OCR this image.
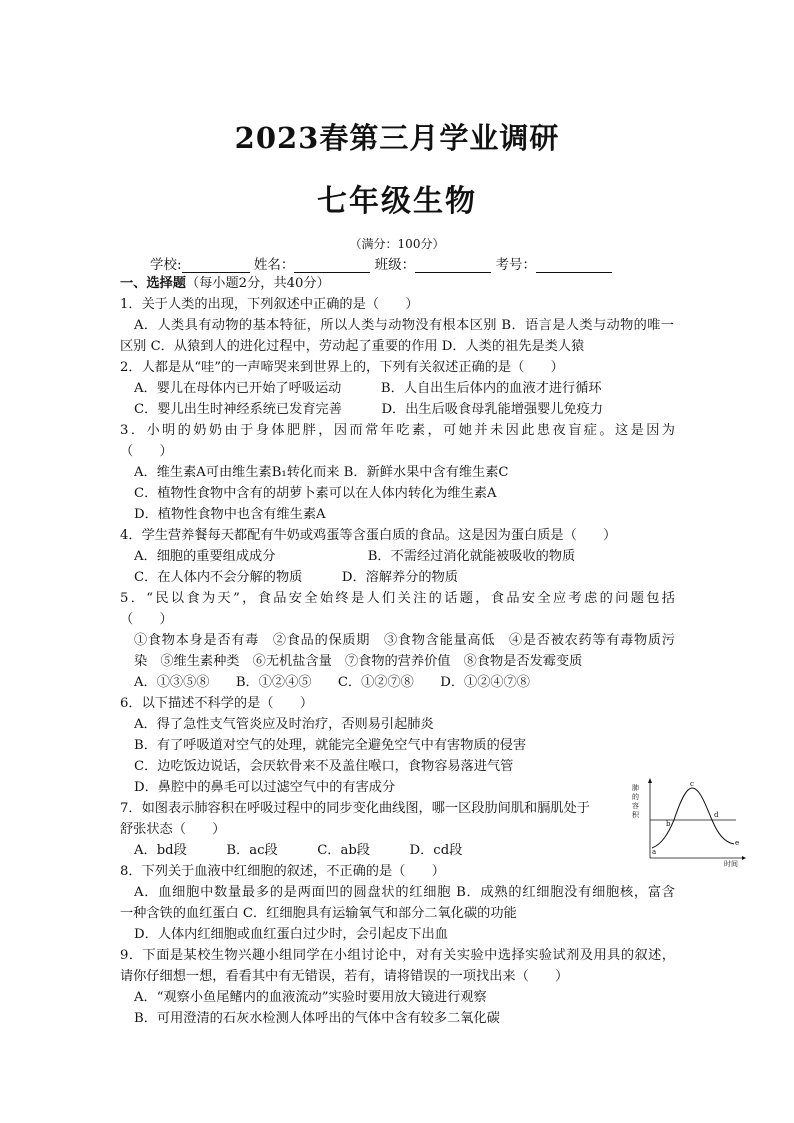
2023春第三月学业调研
七年级生物
（满分：100分）
学校:	姓名：	班级：	考号：
一、选择题（每小题2分，共40分）
1．关于人类的出现，下列叙述中正确的是（　　）
A．人类具有动物的基本特征，所以人类与动物没有根本区别 B．语言是人类与动物的唯一
区别 C．从猿到人的进化过程中，劳动起了重要的作用 D．人类的祖先是类人猿
2．人都是从“哇”的一声啼哭来到世界上的，下列有关叙述正确的是（　　）
A．婴儿在母体内已开始了呼吸运动　　　B．人自出生后体内的血液才进行循环
C．婴儿出生时神经系统已发育完善　　　D．出生后吸食母乳能增强婴儿免疫力
3．小明的奶奶由于身体肥胖，因而常年吃素，可她并未因此患夜盲症。这是因为
（　　）
A．维生素A可由维生素B₁转化而来 B．新鲜水果中含有维生素C
C．植物性食物中含有的胡萝卜素可以在人体内转化为维生素A
D．植物性食物中也含有维生素A
4．学生营养餐每天都配有牛奶或鸡蛋等含蛋白质的食品。这是因为蛋白质是（　　）
A．细胞的重要组成成分　　　　　　　B．不需经过消化就能被吸收的物质
C．在人体内不会分解的物质　　　D．溶解养分的物质
5．“民以食为天”，食品安全始终是人们关注的话题，食品安全应考虑的问题包括
（　　）
①食物本身是否有毒　②食品的保质期　③食物含能量高低　④是否被农药等有毒物质污
染　⑤维生素种类　⑥无机盐含量　⑦食物的营养价值　⑧食物是否发霉变质
A．①③⑤⑧　　B．①②④⑤　　C．①②⑦⑧　　D．①②④⑦⑧
6．以下描述不科学的是（　　）
A．得了急性支气管炎应及时治疗，否则易引起肺炎
B．有了呼吸道对空气的处理，就能完全避免空气中有害物质的侵害
C．边吃饭边说话，会厌软骨来不及盖住喉口，食物容易落进气管
D．鼻腔中的鼻毛可以过滤空气中的有害成分
7．如图表示肺容积在呼吸过程中的同步变化曲线图，哪一区段肋间肌和膈肌处于
舒张状态（　　）
A．bd段　　　B．ac段　　　C．ab段　　　D．cd段
8．下列关于血液中红细胞的叙述，不正确的是（　　）
A．血细胞中数量最多的是两面凹的圆盘状的红细胞 B．成熟的红细胞没有细胞核，富含
一种含铁的血红蛋白 C．红细胞具有运输氧气和部分二氧化碳的功能
D．人体内红细胞或血红蛋白过少时，会引起皮下出血
9．下面是某校生物兴趣小组同学在小组讨论中，对有关实验中选择实验试剂及用具的叙述，
请你仔细想一想，看看其中有无错误，若有，请将错误的一项找出来（　　）
A．“观察小鱼尾鳍内的血液流动”实验时要用放大镜进行观察
B．可用澄清的石灰水检测人体呼出的气体中含有较多二氧化碳
肺
的
容
积
时间
a
b
c
d
e
